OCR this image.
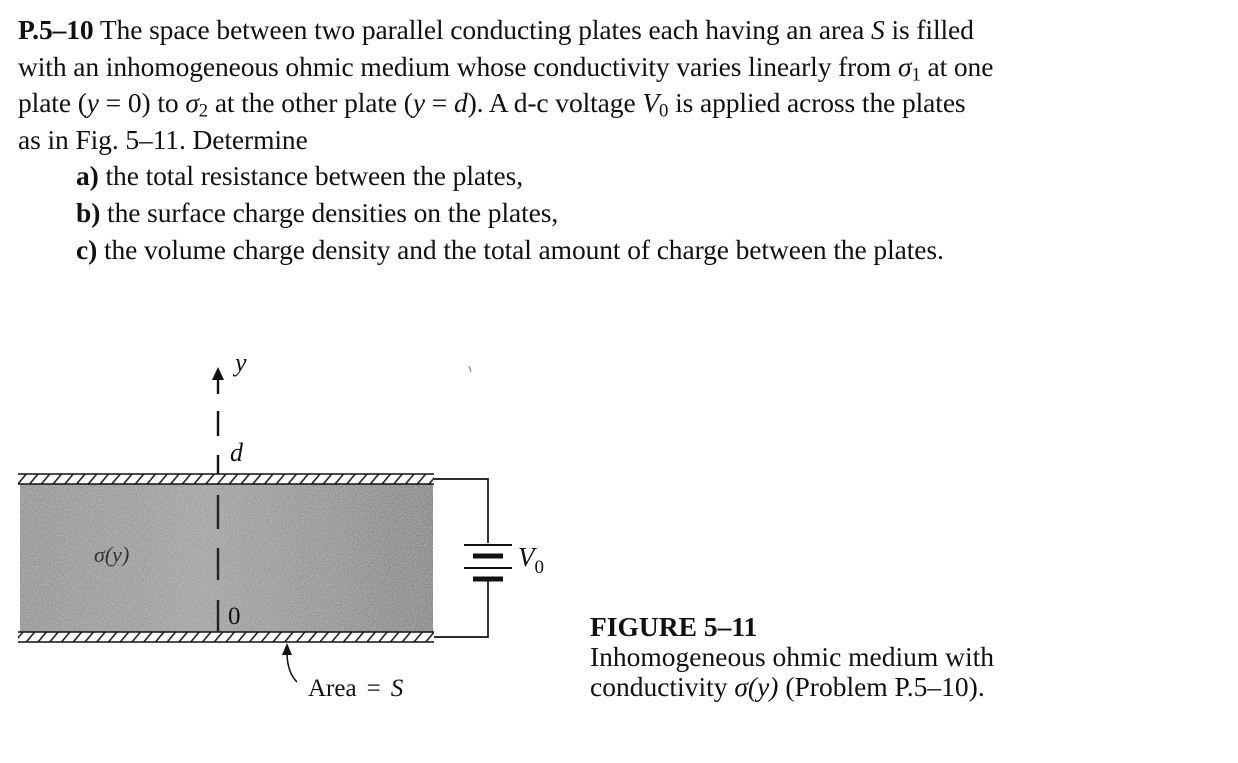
P.5–10 The space between two parallel conducting plates each having an area S is filled
with an inhomogeneous ohmic medium whose conductivity varies linearly from $\sigma_1$ at one
plate (y = 0) to $\sigma_2$ at the other plate (y = d). A d-c voltage $V_0$ is applied across the plates
as in Fig. 5–11. Determine
a) the total resistance between the plates,
b) the surface charge densities on the plates,
c) the volume charge density and the total amount of charge between the plates.
y
d
0
σ(y)	$V_0$
Area = S
FIGURE 5–11
Inhomogeneous ohmic medium with
conductivity σ(y) (Problem P.5–10).
